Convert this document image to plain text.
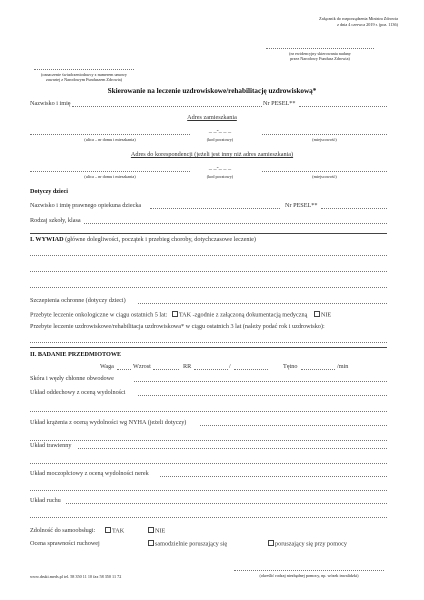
Załącznik do rozporządzenia Ministra Zdrowia
z dnia 4 czerwca 2019 r. (poz. 1136)
(nr ewidencyjny skierowania nadany
przez Narodowy Fundusz Zdrowia)
(oznaczenie świadczeniodawcy z numerem umowy
zawartej z Narodowym Funduszem Zdrowia)
Skierowanie na leczenie uzdrowiskowe/rehabilitację uzdrowiskową*
Nazwisko i imię	Nr PESEL**
Adres zamieszkania
_ _-_ _ _
(ulica – nr domu i mieszkania)	(kod pocztowy)	(miejscowość)
Adres do korespondencji (jeżeli jest inny niż adres zamieszkania)
_ _-_ _ _
(ulica – nr domu i mieszkania)	(kod pocztowy)	(miejscowość)
Dotyczy dzieci
Nazwisko i imię prawnego opiekuna dziecka	Nr PESEL**
Rodzaj szkoły, klasa
I. WYWIAD (główne dolegliwości, początek i przebieg choroby, dotychczasowe leczenie)
Szczepienia ochronne (dotyczy dzieci)
Przebyte leczenie onkologiczne w ciągu ostatnich 5 lat: TAK -zgodnie z załączoną dokumentacją medyczną NIE
Przebyte leczenie uzdrowiskowe/rehabilitacja uzdrowiskowa* w ciągu ostatnich 3 lat (należy podać rok i uzdrowisko):
II. BADANIE PRZEDMIOTOWE
Waga	Wzrost	RR	/	Tętno	/min
Skóra i węzły chłonne obwodowe
Układ oddechowy z oceną wydolności
Układ krążenia z oceną wydolności wg NYHA (jeżeli dotyczy)
Układ trawienny
Układ moczopłciowy z oceną wydolności nerek
Układ ruchu
Zdolność do samoobsługi:	TAK	NIE
Ocena sprawności ruchowej	samodzielnie poruszający się	poruszający się przy pomocy
(określić rodzaj niezbędnej pomocy, np. wózek inwalidzki)
www.druki.meds.pl tel. 58 350 11 10 fax 58 350 11 72
